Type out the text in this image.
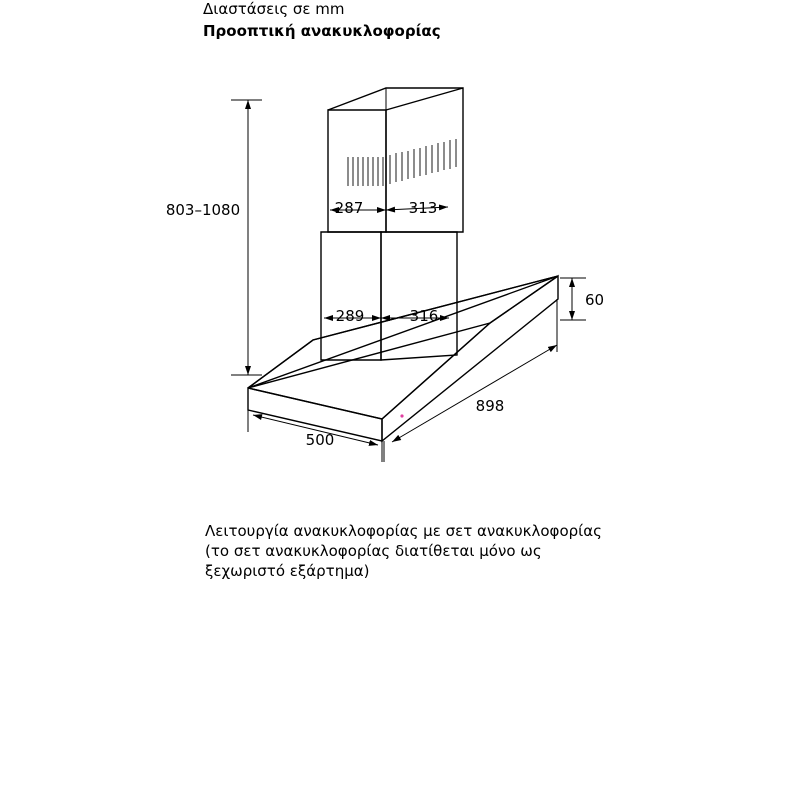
Διαστάσεις σε mm
Προοπτική ανακυκλοφορίας
803–1080	287	313
289	316
60
898
500
Λειτουργία ανακυκλοφορίας με σετ ανακυκλοφορίας (το σετ ανακυκλοφορίας διατίθεται μόνο ως ξεχωριστό εξάρτημα)
